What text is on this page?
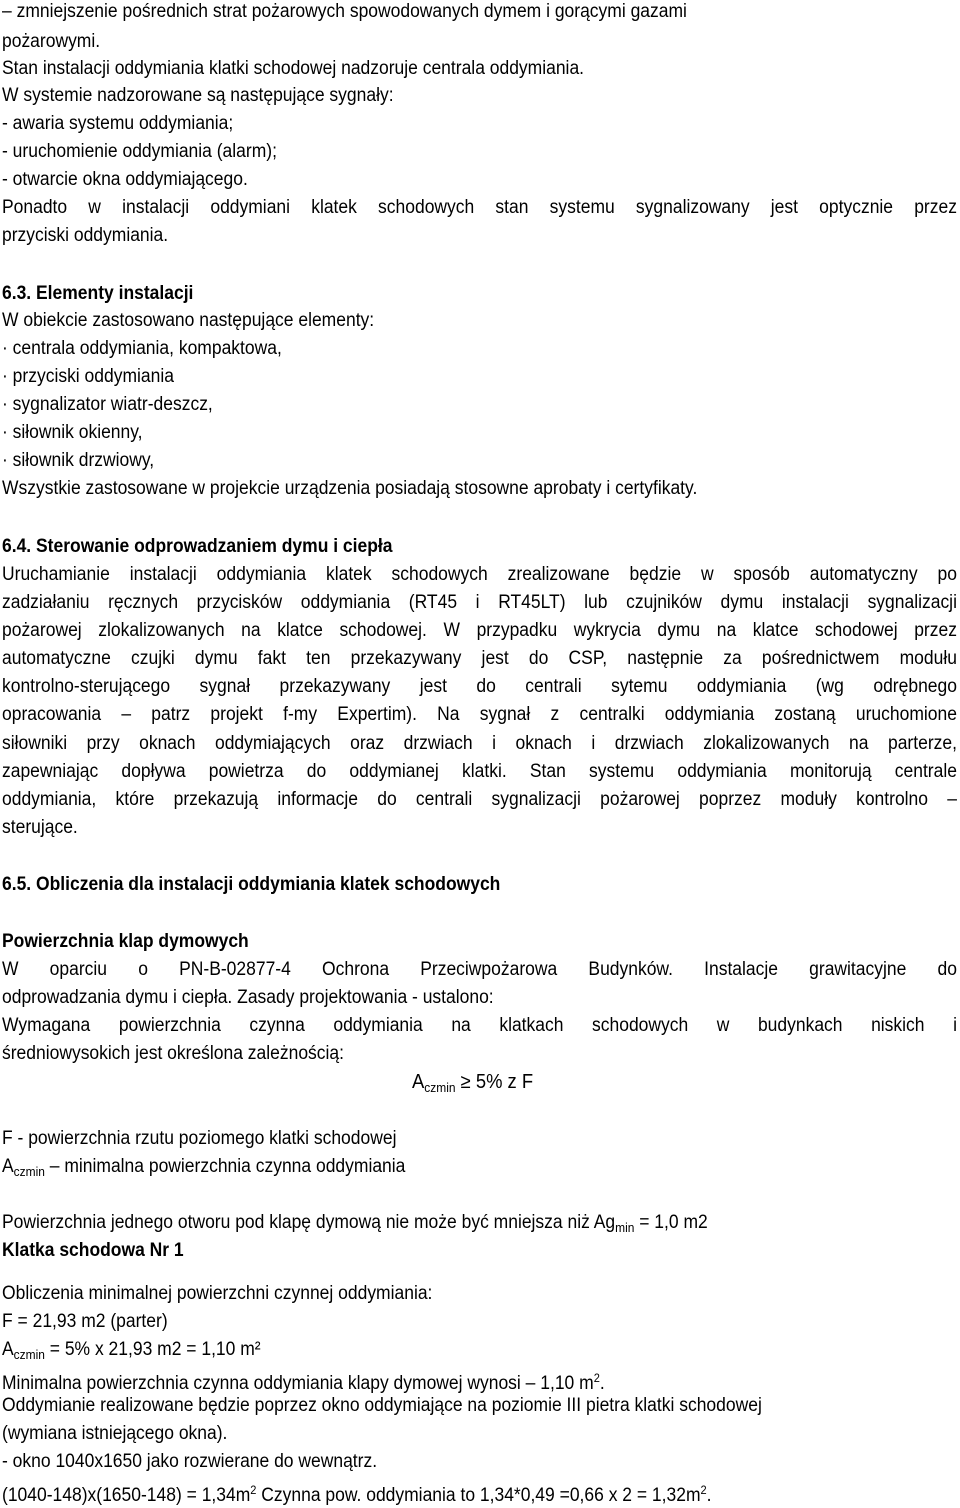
– zmniejszenie pośrednich strat pożarowych spowodowanych dymem i gorącymi gazami
pożarowymi.
Stan instalacji oddymiania klatki schodowej nadzoruje centrala oddymiania.
W systemie nadzorowane są następujące sygnały:
- awaria systemu oddymiania;
- uruchomienie oddymiania (alarm);
- otwarcie okna oddymiającego.
Ponadto w instalacji oddymiani klatek schodowych stan systemu sygnalizowany jest optycznie przez
przyciski oddymiania.
6.3. Elementy instalacji
W obiekcie zastosowano następujące elementy:
· centrala oddymiania, kompaktowa,
· przyciski oddymiania
· sygnalizator wiatr-deszcz,
· siłownik okienny,
· siłownik drzwiowy,
Wszystkie zastosowane w projekcie urządzenia posiadają stosowne aprobaty i certyfikaty.
6.4. Sterowanie odprowadzaniem dymu i ciepła
Uruchamianie instalacji oddymiania klatek schodowych zrealizowane będzie w sposób automatyczny po
zadziałaniu ręcznych przycisków oddymiania (RT45 i RT45LT) lub czujników dymu instalacji sygnalizacji
pożarowej zlokalizowanych na klatce schodowej. W przypadku wykrycia dymu na klatce schodowej przez
automatyczne czujki dymu fakt ten przekazywany jest do CSP, następnie za pośrednictwem modułu
kontrolno-sterującego sygnał przekazywany jest do centrali sytemu oddymiania (wg odrębnego
opracowania – patrz projekt f-my Expertim). Na sygnał z centralki oddymiania zostaną uruchomione
siłowniki przy oknach oddymiających oraz drzwiach i oknach i drzwiach zlokalizowanych na parterze,
zapewniając dopływa powietrza do oddymianej klatki. Stan systemu oddymiania monitorują centrale
oddymiania, które przekazują informacje do centrali sygnalizacji pożarowej poprzez moduły kontrolno –
sterujące.
6.5. Obliczenia dla instalacji oddymiania klatek schodowych
Powierzchnia klap dymowych
W oparciu o PN-B-02877-4 Ochrona Przeciwpożarowa Budynków. Instalacje grawitacyjne do
odprowadzania dymu i ciepła. Zasady projektowania - ustalono:
Wymagana powierzchnia czynna oddymiania na klatkach schodowych w budynkach niskich i
średniowysokich jest określona zależnością:
$A_{czmin} \ge 5\%$ z F
F - powierzchnia rzutu poziomego klatki schodowej
$A_{czmin}$ – minimalna powierzchnia czynna oddymiania
Powierzchnia jednego otworu pod klapę dymową nie może być mniejsza niż $Ag_{min} = 1,0$ m2
Klatka schodowa Nr 1
Obliczenia minimalnej powierzchni czynnej oddymiania:
F = 21,93 m2 (parter)
$A_{czmin} = 5\%$ x 21,93 m2 = 1,10 m²
Minimalna powierzchnia czynna oddymiania klapy dymowej wynosi – 1,10 $m^2$.
Oddymianie realizowane będzie poprzez okno oddymiające na poziomie III pietra klatki schodowej
(wymiana istniejącego okna).
- okno 1040x1650 jako rozwierane do wewnątrz.
$(1040-148)x(1650-148) = 1,34m^2$ Czynna pow. oddymiania to 1,34*0,49 =0,66 x $2 = 1,32m^2$.
